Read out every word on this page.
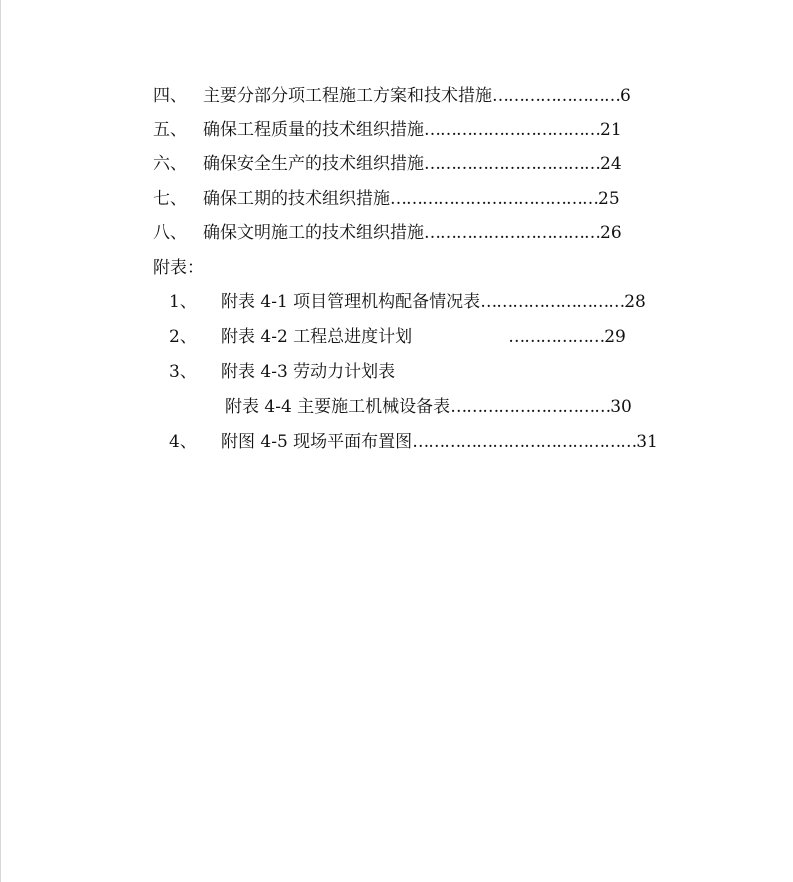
四、 主要分部分项工程施工方案和技术措施……………………6
五、 确保工程质量的技术组织措施……………………………21
六、 确保安全生产的技术组织措施……………………………24
七、 确保工期的技术组织措施…………………………………25
八、 确保文明施工的技术组织措施……………………………26
附表：
1、 附表 4-1 项目管理机构配备情况表………………………28
2、 附表 4-2 工程总进度计划	………………29
3、 附表 4-3 劳动力计划表
附表 4-4 主要施工机械设备表…………………………30
4、 附图 4-5 现场平面布置图……………………………………31
